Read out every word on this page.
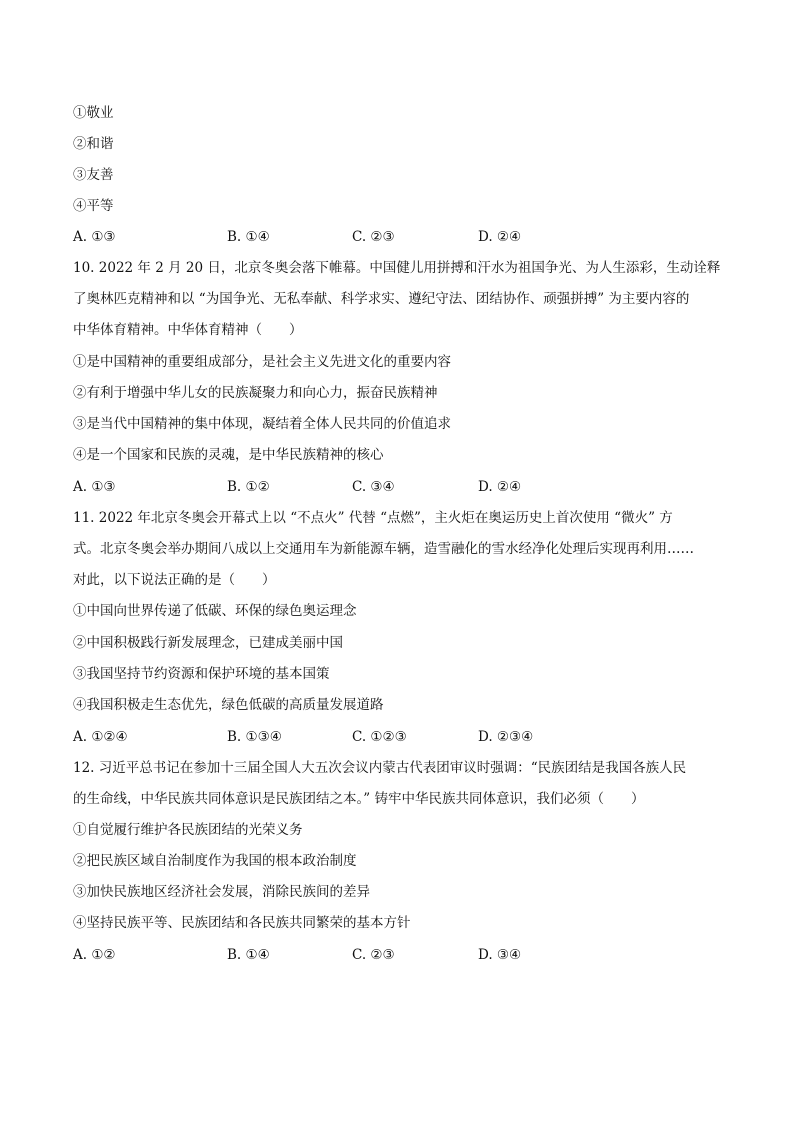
①敬业
②和谐
③友善
④平等
A. ①③	B. ①④	C. ②③	D. ②④
10. 2022 年 2 月 20 日，北京冬奥会落下帷幕。中国健儿用拼搏和汗水为祖国争光、为人生添彩，生动诠释
了奥林匹克精神和以 “为国争光、无私奉献、科学求实、遵纪守法、团结协作、顽强拼搏” 为主要内容的
中华体育精神。中华体育精神（　　）
①是中国精神的重要组成部分，是社会主义先进文化的重要内容
②有利于增强中华儿女的民族凝聚力和向心力，振奋民族精神
③是当代中国精神的集中体现，凝结着全体人民共同的价值追求
④是一个国家和民族的灵魂，是中华民族精神的核心
A. ①③	B. ①②	C. ③④	D. ②④
11. 2022 年北京冬奥会开幕式上以 “不点火” 代替 “点燃”，主火炬在奥运历史上首次使用 “微火” 方
式。北京冬奥会举办期间八成以上交通用车为新能源车辆，造雪融化的雪水经净化处理后实现再利用……
对此，以下说法正确的是（　　）
①中国向世界传递了低碳、环保的绿色奥运理念
②中国积极践行新发展理念，已建成美丽中国
③我国坚持节约资源和保护环境的基本国策
④我国积极走生态优先，绿色低碳的高质量发展道路
A. ①②④	B. ①③④	C. ①②③	D. ②③④
12. 习近平总书记在参加十三届全国人大五次会议内蒙古代表团审议时强调：“民族团结是我国各族人民
的生命线，中华民族共同体意识是民族团结之本。” 铸牢中华民族共同体意识，我们必须（　　）
①自觉履行维护各民族团结的光荣义务
②把民族区域自治制度作为我国的根本政治制度
③加快民族地区经济社会发展，消除民族间的差异
④坚持民族平等、民族团结和各民族共同繁荣的基本方针
A. ①②	B. ①④	C. ②③	D. ③④
